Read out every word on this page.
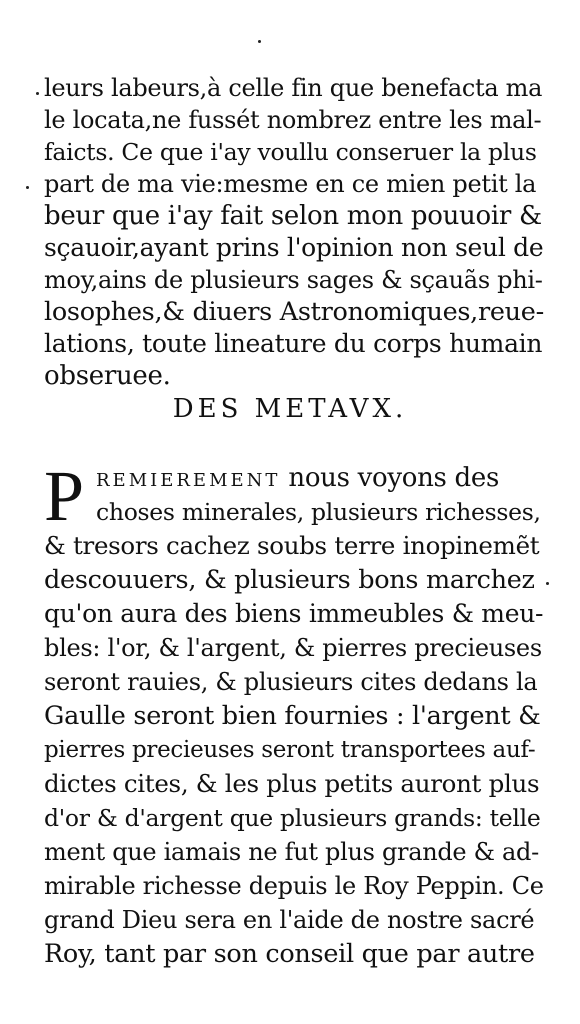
leurs labeurs,à celle fin que benefacta ma
le locata,ne fussét nombrez entre les mal-
faicts. Ce que i'ay voullu conseruer la plus
part de ma vie:mesme en ce mien petit la
beur que i'ay fait selon mon pouuoir &
sçauoir,ayant prins l'opinion non seul de
moy,ains de plusieurs sages & sçauãs phi-
losophes,& diuers Astronomiques,reue-
lations, toute lineature du corps humain
obseruee.
DES METAVX.
P REMIEREMENT nous voyons des
choses minerales, plusieurs richesses,
& tresors cachez soubs terre inopinemẽt
descouuers, & plusieurs bons marchez
qu'on aura des biens immeubles & meu-
bles: l'or, & l'argent, & pierres precieuses
seront rauies, & plusieurs cites dedans la
Gaulle seront bien fournies : l'argent &
pierres precieuses seront transportees auf-
dictes cites, & les plus petits auront plus
d'or & d'argent que plusieurs grands: telle
ment que iamais ne fut plus grande & ad-
mirable richesse depuis le Roy Peppin. Ce
grand Dieu sera en l'aide de nostre sacré
Roy, tant par son conseil que par autre
